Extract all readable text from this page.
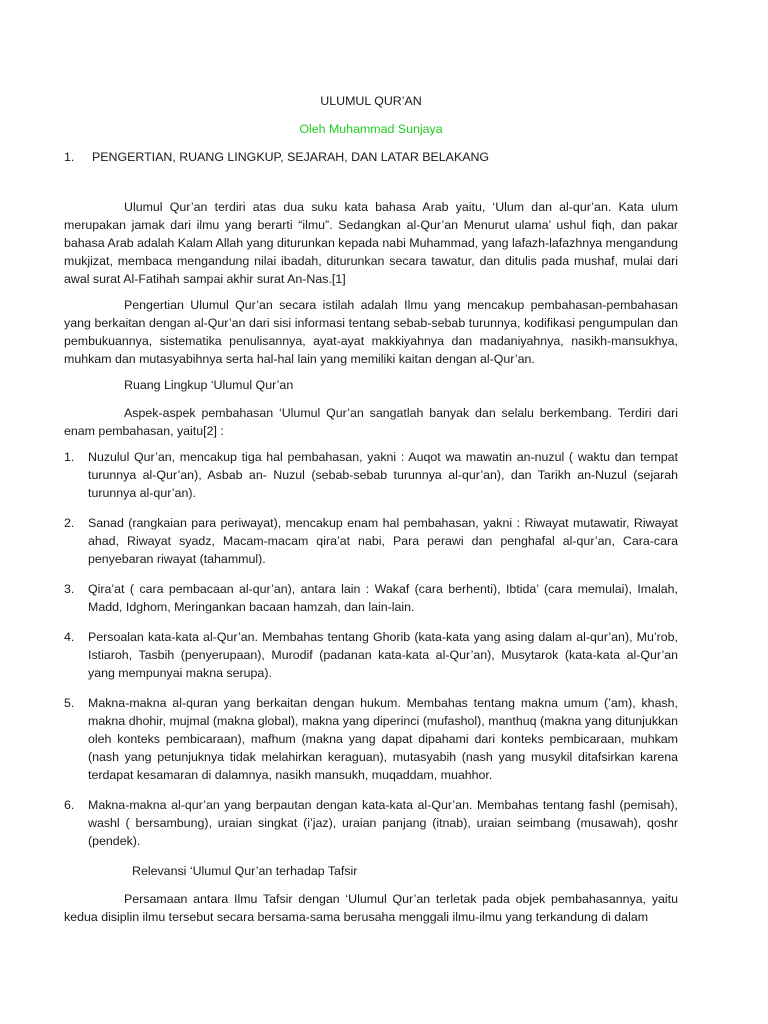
ULUMUL QUR’AN
Oleh Muhammad Sunjaya
1.	PENGERTIAN, RUANG LINGKUP, SEJARAH, DAN LATAR BELAKANG

Ulumul Qur’an terdiri atas dua suku kata bahasa Arab yaitu, ‘Ulum dan al-qur’an. Kata ulum merupakan jamak dari ilmu yang berarti “ilmu”. Sedangkan al-Qur’an Menurut ulama’ ushul fiqh, dan pakar bahasa Arab adalah Kalam Allah yang diturunkan kepada nabi Muhammad, yang lafazh-lafazhnya mengandung mukjizat, membaca mengandung nilai ibadah, diturunkan secara tawatur, dan ditulis pada mushaf, mulai dari awal surat Al-Fatihah sampai akhir surat An-Nas.[1]

Pengertian Ulumul Qur’an secara istilah adalah Ilmu yang mencakup pembahasan-pembahasan yang berkaitan dengan al-Qur’an dari sisi informasi tentang sebab-sebab turunnya, kodifikasi pengumpulan dan pembukuannya, sistematika penulisannya, ayat-ayat makkiyahnya dan madaniyahnya, nasikh-mansukhya, muhkam dan mutasyabihnya serta hal-hal lain yang memiliki kaitan dengan al-Qur’an.

Ruang Lingkup ‘Ulumul Qur’an

Aspek-aspek pembahasan ‘Ulumul Qur’an sangatlah banyak dan selalu berkembang. Terdiri dari enam pembahasan, yaitu[2] :

1.	Nuzulul Qur’an, mencakup tiga hal pembahasan, yakni : Auqot wa mawatin an-nuzul ( waktu dan tempat turunnya al-Qur’an), Asbab an- Nuzul (sebab-sebab turunnya al-qur’an), dan Tarikh an-Nuzul (sejarah turunnya al-qur’an).
2.	Sanad (rangkaian para periwayat), mencakup enam hal pembahasan, yakni : Riwayat mutawatir, Riwayat ahad, Riwayat syadz, Macam-macam qira’at nabi, Para perawi dan penghafal al-qur’an, Cara-cara penyebaran riwayat (tahammul).
3.	Qira’at ( cara pembacaan al-qur’an), antara lain : Wakaf (cara berhenti), Ibtida’ (cara memulai), Imalah, Madd, Idghom, Meringankan bacaan hamzah, dan lain-lain.
4.	Persoalan kata-kata al-Qur’an. Membahas tentang Ghorib (kata-kata yang asing dalam al-qur’an), Mu’rob, Istiaroh, Tasbih (penyerupaan), Murodif (padanan kata-kata al-Qur’an), Musytarok (kata-kata al-Qur’an yang mempunyai makna serupa).
5.	Makna-makna al-quran yang berkaitan dengan hukum. Membahas tentang makna umum (’am), khash, makna dhohir, mujmal (makna global), makna yang diperinci (mufashol), manthuq (makna yang ditunjukkan oleh konteks pembicaraan), mafhum (makna yang dapat dipahami dari konteks pembicaraan, muhkam (nash yang petunjuknya tidak melahirkan keraguan), mutasyabih (nash yang musykil ditafsirkan karena terdapat kesamaran di dalamnya, nasikh mansukh, muqaddam, muahhor.
6.	Makna-makna al-qur’an yang berpautan dengan kata-kata al-Qur’an. Membahas tentang fashl (pemisah), washl ( bersambung), uraian singkat (i’jaz), uraian panjang (itnab), uraian seimbang (musawah), qoshr (pendek).
Relevansi ‘Ulumul Qur’an terhadap Tafsir

Persamaan antara Ilmu Tafsir dengan ‘Ulumul Qur’an terletak pada objek pembahasannya, yaitu kedua disiplin ilmu tersebut secara bersama-sama berusaha menggali ilmu-ilmu yang terkandung di dalam
